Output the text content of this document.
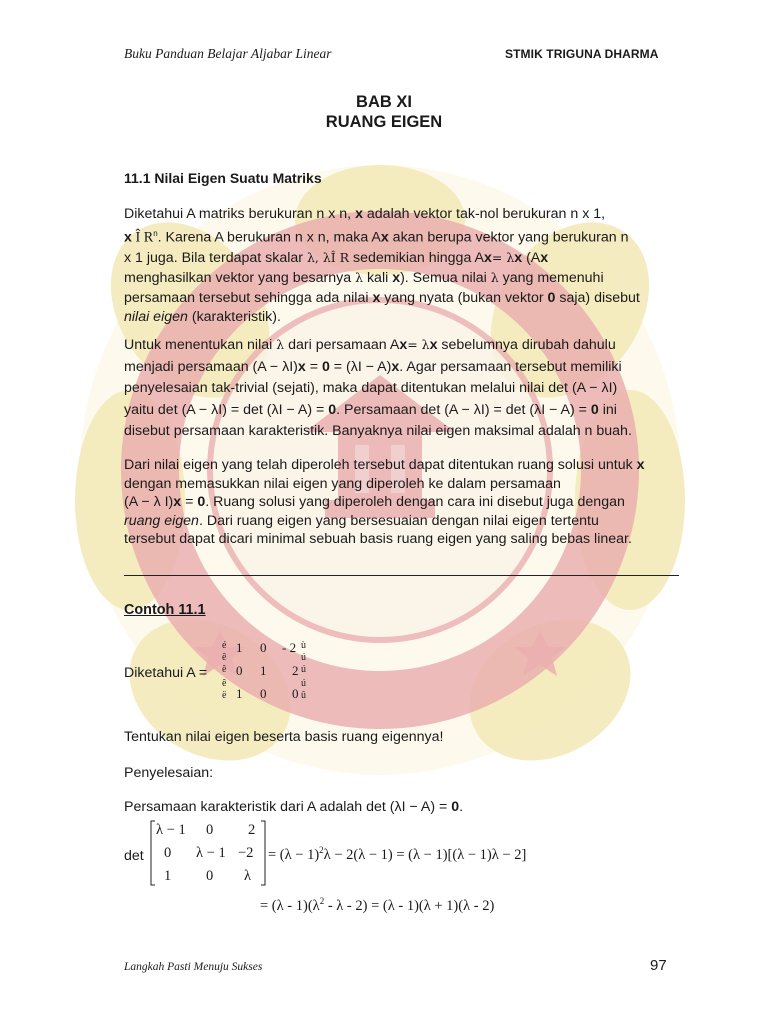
Buku Panduan Belajar Aljabar Linear	STMIK TRIGUNA DHARMA
BAB XI
RUANG EIGEN
11.1 Nilai Eigen Suatu Matriks
Diketahui A matriks berukuran n x n, x adalah vektor tak-nol berukuran n x 1,
x Î $R^n$. Karena A berukuran n x n, maka Ax akan berupa vektor yang berukuran n
x 1 juga. Bila terdapat skalar λ, λÎ R sedemikian hingga Ax= λx (Ax
menghasilkan vektor yang besarnya λ kali x). Semua nilai λ yang memenuhi
persamaan tersebut sehingga ada nilai x yang nyata (bukan vektor 0 saja) disebut
nilai eigen (karakteristik).
Untuk menentukan nilai λ dari persamaan Ax= λx sebelumnya dirubah dahulu
menjadi persamaan (A − λI)x = 0 = (λI − A)x. Agar persamaan tersebut memiliki
penyelesaian tak-trivial (sejati), maka dapat ditentukan melalui nilai det (A − λI)
yaitu det (A − λI) = det (λI − A) = 0. Persamaan det (A − λI) = det (λI − A) = 0 ini
disebut persamaan karakteristik. Banyaknya nilai eigen maksimal adalah n buah.
Dari nilai eigen yang telah diperoleh tersebut dapat ditentukan ruang solusi untuk x
dengan memasukkan nilai eigen yang diperoleh ke dalam persamaan
(A − λ I)x = 0. Ruang solusi yang diperoleh dengan cara ini disebut juga dengan
ruang eigen. Dari ruang eigen yang bersesuaian dengan nilai eigen tertentu
tersebut dapat dicari minimal sebuah basis ruang eigen yang saling bebas linear.
Contoh 11.1
Diketahui A =
é
ê
ê
ê
ë
1 0 - 2
0 1 2
1 0 0
ù
ú
ú
ú
û
Tentukan nilai eigen beserta basis ruang eigennya!
Penyelesaian:
Persamaan karakteristik dari A adalah det (λI − A) = 0.
det
λ − 1 0 2
0 λ − 1 −2
1 0 λ
= $(\lambda - 1)^2\lambda - 2(\lambda - 1) = (\lambda - 1)[(\lambda - 1)\lambda - 2]$
= $(\lambda - 1)(\lambda^2 - \lambda - 2) = (\lambda - 1)(\lambda + 1)(\lambda - 2)$
Langkah Pasti Menuju Sukses	97
